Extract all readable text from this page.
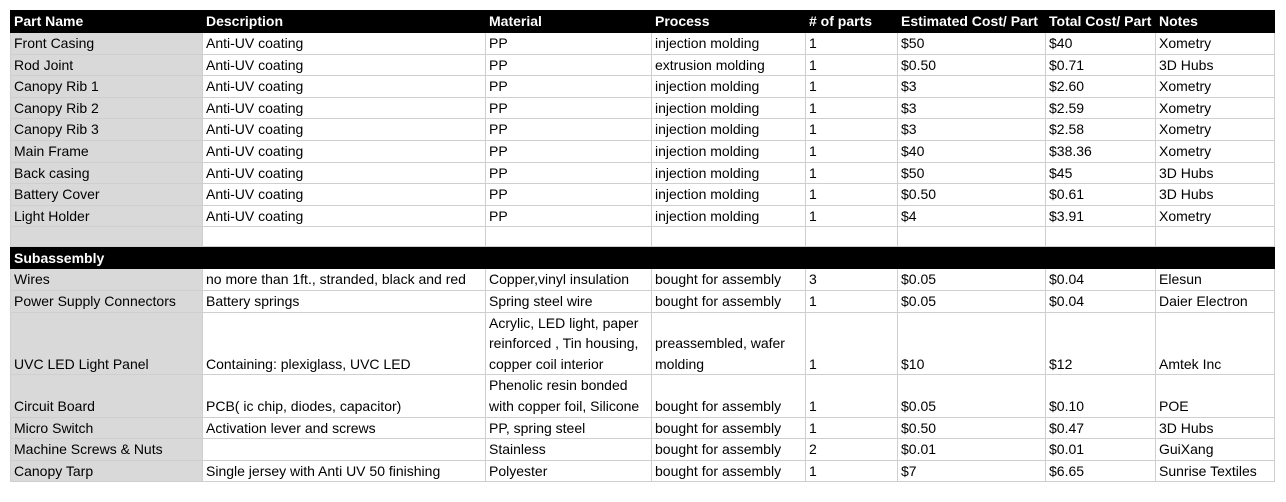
Part Name	Description	Material	Process	# of parts	Estimated Cost/ Part	Total Cost/ Part	Notes
Front Casing	Anti-UV coating	PP	injection molding	1	$50	$40	Xometry
Rod Joint	Anti-UV coating	PP	extrusion molding	1	$0.50	$0.71	3D Hubs
Canopy Rib 1	Anti-UV coating	PP	injection molding	1	$3	$2.60	Xometry
Canopy Rib 2	Anti-UV coating	PP	injection molding	1	$3	$2.59	Xometry
Canopy Rib 3	Anti-UV coating	PP	injection molding	1	$3	$2.58	Xometry
Main Frame	Anti-UV coating	PP	injection molding	1	$40	$38.36	Xometry
Back casing	Anti-UV coating	PP	injection molding	1	$50	$45	3D Hubs
Battery Cover	Anti-UV coating	PP	injection molding	1	$0.50	$0.61	3D Hubs
Light Holder	Anti-UV coating	PP	injection molding	1	$4	$3.91	Xometry

Subassembly							
Wires	no more than 1ft., stranded, black and red	Copper,vinyl insulation	bought for assembly	3	$0.05	$0.04	Elesun
Power Supply Connectors	Battery springs	Spring steel wire	bought for assembly	1	$0.05	$0.04	Daier Electron
UVC LED Light Panel	Containing: plexiglass, UVC LED	Acrylic, LED light, paper reinforced , Tin housing, copper coil interior	preassembled, wafer molding	1	$10	$12	Amtek Inc
Circuit Board	PCB( ic chip, diodes, capacitor)	Phenolic resin bonded with copper foil, Silicone	bought for assembly	1	$0.05	$0.10	POE
Micro Switch	Activation lever and screws	PP, spring steel	bought for assembly	1	$0.50	$0.47	3D Hubs
Machine Screws & Nuts		Stainless	bought for assembly	2	$0.01	$0.01	GuiXang
Canopy Tarp	Single jersey with Anti UV 50 finishing	Polyester	bought for assembly	1	$7	$6.65	Sunrise Textiles
